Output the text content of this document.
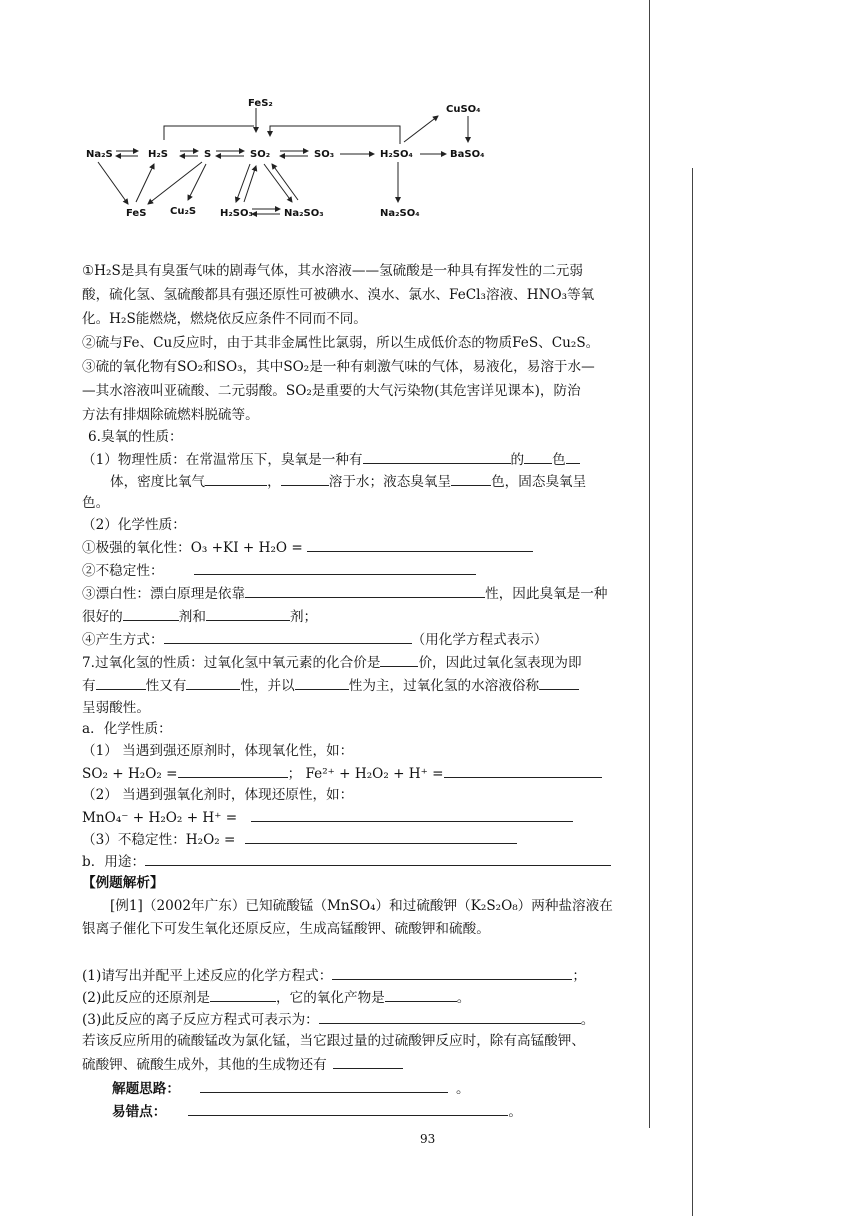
FeS₂
CuSO₄
Na₂S	H₂S	S	SO₂	SO₃	H₂SO₄	BaSO₄
FeS Cu₂S H₂SO₃	Na₂SO₃	Na₂SO₄
①H₂S是具有臭蛋气味的剧毒气体，其水溶液——氢硫酸是一种具有挥发性的二元弱
酸，硫化氢、氢硫酸都具有强还原性可被碘水、溴水、氯水、FeCl₃溶液、HNO₃等氧
化。H₂S能燃烧，燃烧依反应条件不同而不同。
②硫与Fe、Cu反应时，由于其非金属性比氯弱，所以生成低价态的物质FeS、Cu₂S。
③硫的氧化物有SO₂和SO₃，其中SO₂是一种有刺激气味的气体，易液化，易溶于水—
—其水溶液叫亚硫酸、二元弱酸。SO₂是重要的大气污染物(其危害详见课本)，防治
方法有排烟除硫燃料脱硫等。
6.臭氧的性质：
（1）物理性质：在常温常压下，臭氧是一种有	的 色
体，密度比氧气	，	溶于水；液态臭氧呈	色，固态臭氧呈
色。
（2）化学性质：
①极强的氧化性：O₃ +KI + H₂O =
②不稳定性：
③漂白性：漂白原理是依靠	性，因此臭氧是一种
很好的	剂和	剂；
④产生方式：	（用化学方程式表示）
7.过氧化氢的性质：过氧化氢中氧元素的化合价是	价，因此过氧化氢表现为即
有	性又有	性，并以	性为主，过氧化氢的水溶液俗称
呈弱酸性。
a．化学性质：
（1） 当遇到强还原剂时，体现氧化性，如：
SO₂ + H₂O₂ =	； Fe²⁺ + H₂O₂ + H⁺ =
（2） 当遇到强氧化剂时，体现还原性，如：
MnO₄⁻ + H₂O₂ + H⁺ =
（3）不稳定性：H₂O₂ =
b．用途：
【例题解析】
[例1]（2002年广东）已知硫酸锰（MnSO₄）和过硫酸钾（K₂S₂O₈）两种盐溶液在
银离子催化下可发生氧化还原反应，生成高锰酸钾、硫酸钾和硫酸。
(1)请写出并配平上述反应的化学方程式：	；
(2)此反应的还原剂是	，它的氧化产物是	。
(3)此反应的离子反应方程式可表示为：	。
若该反应所用的硫酸锰改为氯化锰，当它跟过量的过硫酸钾反应时，除有高锰酸钾、
硫酸钾、硫酸生成外，其他的生成物还有
解题思路：	。
易错点：	。
93
